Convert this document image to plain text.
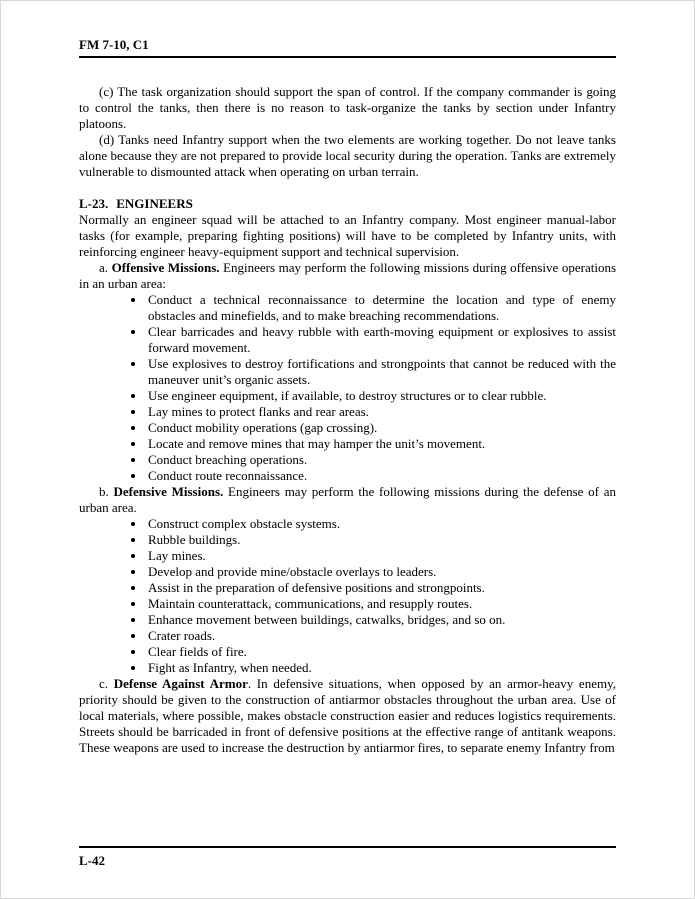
FM 7-10, C1

(c) The task organization should support the span of control. If the company commander is going to control the tanks, then there is no reason to task-organize the tanks by section under Infantry platoons.

(d) Tanks need Infantry support when the two elements are working together. Do not leave tanks alone because they are not prepared to provide local security during the operation. Tanks are extremely vulnerable to dismounted attack when operating on urban terrain.

L-23. ENGINEERS

Normally an engineer squad will be attached to an Infantry company. Most engineer manual-labor tasks (for example, preparing fighting positions) will have to be completed by Infantry units, with reinforcing engineer heavy-equipment support and technical supervision.

a. Offensive Missions. Engineers may perform the following missions during offensive operations in an urban area:

• Conduct a technical reconnaissance to determine the location and type of enemy obstacles and minefields, and to make breaching recommendations.
• Clear barricades and heavy rubble with earth-moving equipment or explosives to assist forward movement.
• Use explosives to destroy fortifications and strongpoints that cannot be reduced with the maneuver unit’s organic assets.
• Use engineer equipment, if available, to destroy structures or to clear rubble.
• Lay mines to protect flanks and rear areas.
• Conduct mobility operations (gap crossing).
• Locate and remove mines that may hamper the unit’s movement.
• Conduct breaching operations.
• Conduct route reconnaissance.

b. Defensive Missions. Engineers may perform the following missions during the defense of an urban area.

• Construct complex obstacle systems.
• Rubble buildings.
• Lay mines.
• Develop and provide mine/obstacle overlays to leaders.
• Assist in the preparation of defensive positions and strongpoints.
• Maintain counterattack, communications, and resupply routes.
• Enhance movement between buildings, catwalks, bridges, and so on.
• Crater roads.
• Clear fields of fire.
• Fight as Infantry, when needed.

c. Defense Against Armor. In defensive situations, when opposed by an armor-heavy enemy, priority should be given to the construction of antiarmor obstacles throughout the urban area. Use of local materials, where possible, makes obstacle construction easier and reduces logistics requirements. Streets should be barricaded in front of defensive positions at the effective range of antitank weapons. These weapons are used to increase the destruction by antiarmor fires, to separate enemy Infantry from

L-42
